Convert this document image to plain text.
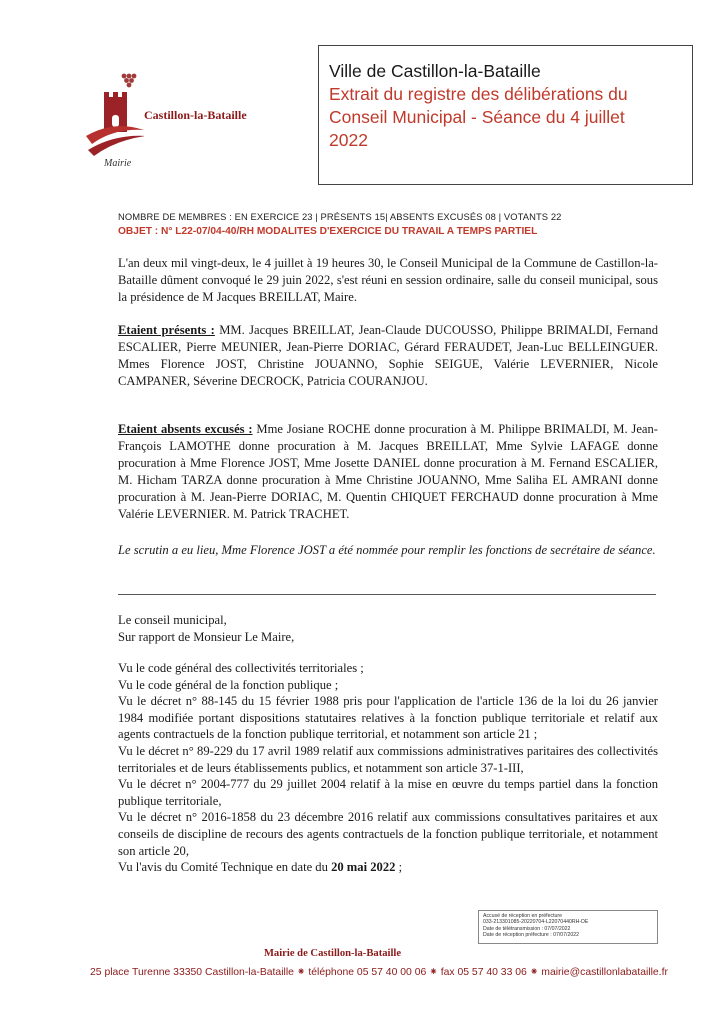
Castillon-la-Bataille
Mairie
Ville de Castillon-la-Bataille
Extrait du registre des délibérations du
Conseil Municipal - Séance du 4 juillet
2022
NOMBRE DE MEMBRES : EN EXERCICE 23 | PRÉSENTS 15| ABSENTS EXCUSÉS 08 | VOTANTS 22
OBJET : N° L22-07/04-40/RH MODALITES D'EXERCICE DU TRAVAIL A TEMPS PARTIEL
L'an deux mil vingt-deux, le 4 juillet à 19 heures 30, le Conseil Municipal de la Commune de Castillon-la-Bataille dûment convoqué le 29 juin 2022, s'est réuni en session ordinaire, salle du conseil municipal, sous la présidence de M Jacques BREILLAT, Maire.
Etaient présents : MM. Jacques BREILLAT, Jean-Claude DUCOUSSO, Philippe BRIMALDI, Fernand ESCALIER, Pierre MEUNIER, Jean-Pierre DORIAC, Gérard FERAUDET, Jean-Luc BELLEINGUER. Mmes Florence JOST, Christine JOUANNO, Sophie SEIGUE, Valérie LEVERNIER, Nicole CAMPANER, Séverine DECROCK, Patricia COURANJOU.
Etaient absents excusés : Mme Josiane ROCHE donne procuration à M. Philippe BRIMALDI, M. Jean-François LAMOTHE donne procuration à M. Jacques BREILLAT, Mme Sylvie LAFAGE donne procuration à Mme Florence JOST, Mme Josette DANIEL donne procuration à M. Fernand ESCALIER, M. Hicham TARZA donne procuration à Mme Christine JOUANNO, Mme Saliha EL AMRANI donne procuration à M. Jean-Pierre DORIAC, M. Quentin CHIQUET FERCHAUD donne procuration à Mme Valérie LEVERNIER. M. Patrick TRACHET.
Le scrutin a eu lieu, Mme Florence JOST a été nommée pour remplir les fonctions de secrétaire de séance.
Le conseil municipal,
Sur rapport de Monsieur Le Maire,

Vu le code général des collectivités territoriales ;

Vu le code général de la fonction publique ;

Vu le décret n° 88-145 du 15 février 1988 pris pour l'application de l'article 136 de la loi du 26 janvier 1984 modifiée portant dispositions statutaires relatives à la fonction publique territoriale et relatif aux agents contractuels de la fonction publique territorial, et notamment son article 21 ;

Vu le décret n° 89-229 du 17 avril 1989 relatif aux commissions administratives paritaires des collectivités territoriales et de leurs établissements publics, et notamment son article 37-1-III,

Vu le décret n° 2004-777 du 29 juillet 2004 relatif à la mise en œuvre du temps partiel dans la fonction publique territoriale,

Vu le décret n° 2016-1858 du 23 décembre 2016 relatif aux commissions consultatives paritaires et aux conseils de discipline de recours des agents contractuels de la fonction publique territoriale, et notamment son article 20,

Vu l'avis du Comité Technique en date du 20 mai 2022 ;

Accusé de réception en préfecture
033-213301085-20220704-L22070440RH-DE
Date de télétransmission : 07/07/2022
Date de réception préfecture : 07/07/2022
Mairie de Castillon-la-Bataille
25 place Turenne 33350 Castillon-la-Bataille ⁕ téléphone 05 57 40 00 06 ⁕ fax 05 57 40 33 06 ⁕ mairie@castillonlabataille.fr
